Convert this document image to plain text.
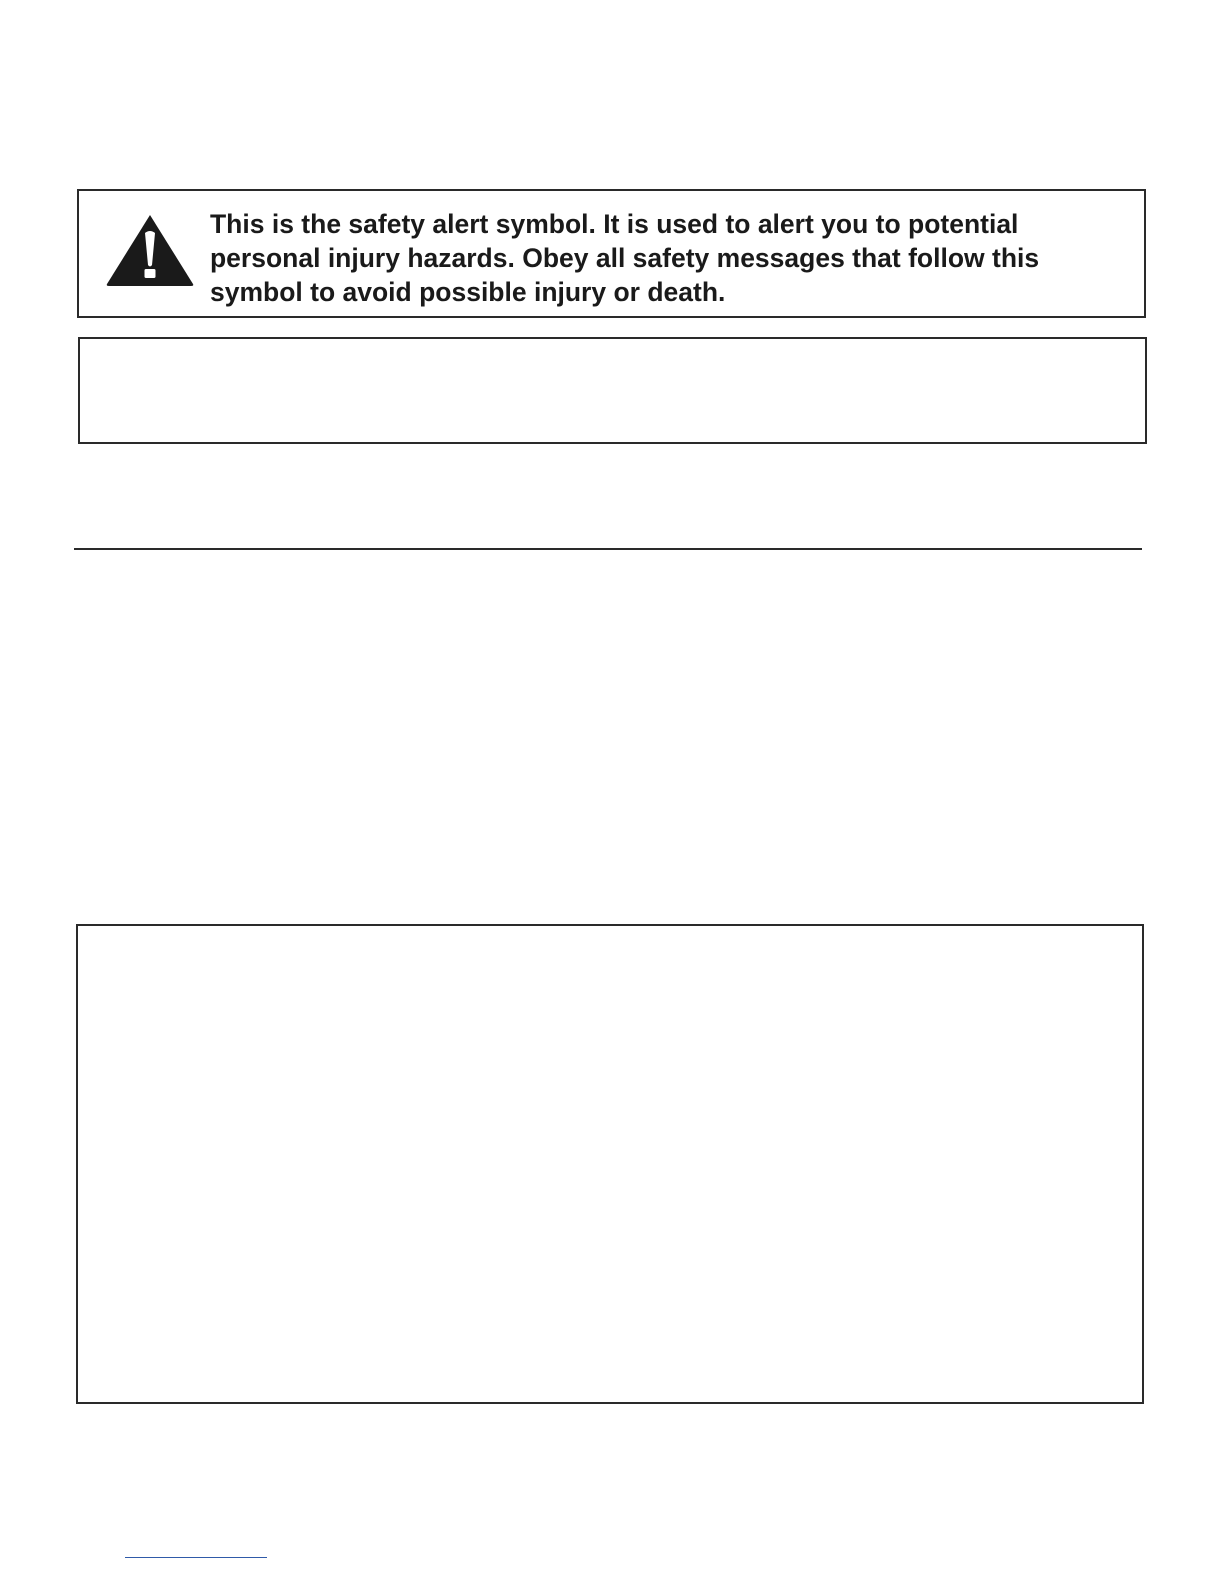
This is the safety alert symbol. It is used to alert you to potential personal injury hazards. Obey all safety messages that follow this symbol to avoid possible injury or death.
